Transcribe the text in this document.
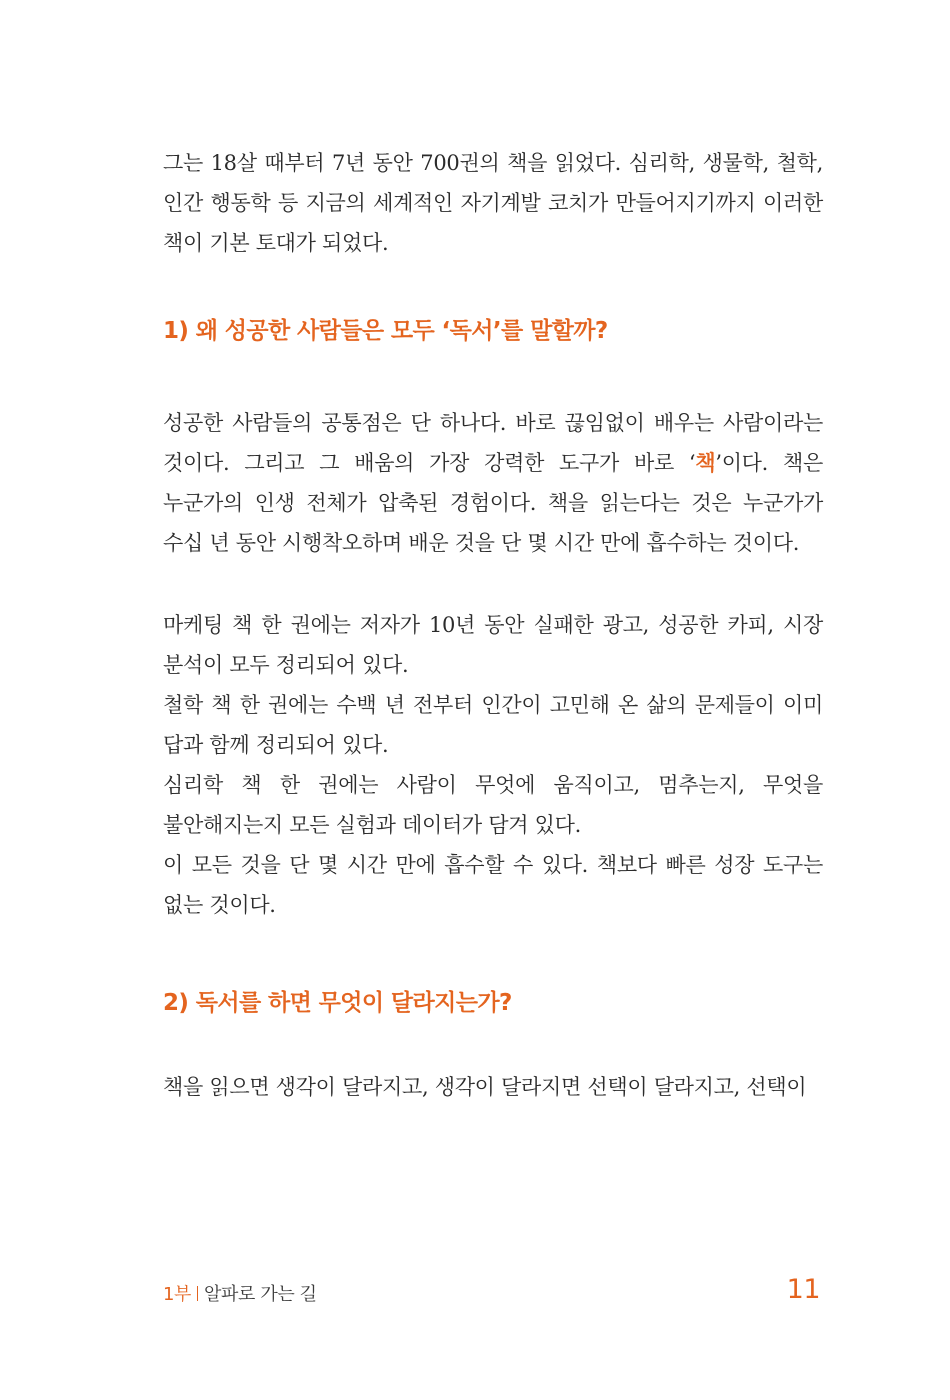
그는 18살 때부터 7년 동안 700권의 책을 읽었다. 심리학, 생물학, 철학, 인간 행동학 등 지금의 세계적인 자기계발 코치가 만들어지기까지 이러한 책이 기본 토대가 되었다.

1) 왜 성공한 사람들은 모두 ‘독서’를 말할까?

성공한 사람들의 공통점은 단 하나다. 바로 끊임없이 배우는 사람이라는 것이다. 그리고 그 배움의 가장 강력한 도구가 바로 ‘책’이다. 책은 누군가의 인생 전체가 압축된 경험이다. 책을 읽는다는 것은 누군가가 수십 년 동안 시행착오하며 배운 것을 단 몇 시간 만에 흡수하는 것이다.

마케팅 책 한 권에는 저자가 10년 동안 실패한 광고, 성공한 카피, 시장 분석이 모두 정리되어 있다.

철학 책 한 권에는 수백 년 전부터 인간이 고민해 온 삶의 문제들이 이미 답과 함께 정리되어 있다.

심리학 책 한 권에는 사람이 무엇에 움직이고, 멈추는지, 무엇을 불안해지는지 모든 실험과 데이터가 담겨 있다.

이 모든 것을 단 몇 시간 만에 흡수할 수 있다. 책보다 빠른 성장 도구는 없는 것이다.

2) 독서를 하면 무엇이 달라지는가?

책을 읽으면 생각이 달라지고, 생각이 달라지면 선택이 달라지고, 선택이

1부 알파로 가는 길	11
